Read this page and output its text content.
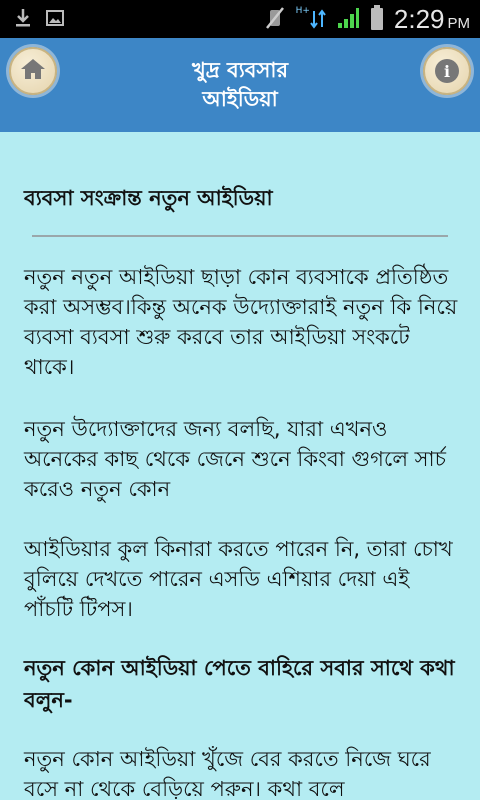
H+	2:29 PM
খুদ্র ব্যবসার
আইডিয়া
i
ব্যবসা সংক্রান্ত নতুন আইডিয়া
নতুন নতুন আইডিয়া ছাড়া কোন ব্যবসাকে প্রতিষ্ঠিত করা অসম্ভব।কিন্তু অনেক উদ্যোক্তারাই নতুন কি নিয়ে ব্যবসা ব্যবসা শুরু করবে তার আইডিয়া সংকটে থাকে।
নতুন উদ্যোক্তাদের জন্য বলছি, যারা এখনও অনেকের কাছ থেকে জেনে শুনে কিংবা গুগলে সার্চ করেও নতুন কোন
আইডিয়ার কুল কিনারা করতে পারেন নি, তারা চোখ বুলিয়ে দেখতে পারেন এসডি এশিয়ার দেয়া এই পাঁচটি টিপস।
নতুন কোন আইডিয়া পেতে বাহিরে সবার সাথে কথা বলুন-
নতুন কোন আইডিয়া খুঁজে বের করতে নিজে ঘরে বসে না থেকে বেড়িয়ে পরুন। কথা বলে
